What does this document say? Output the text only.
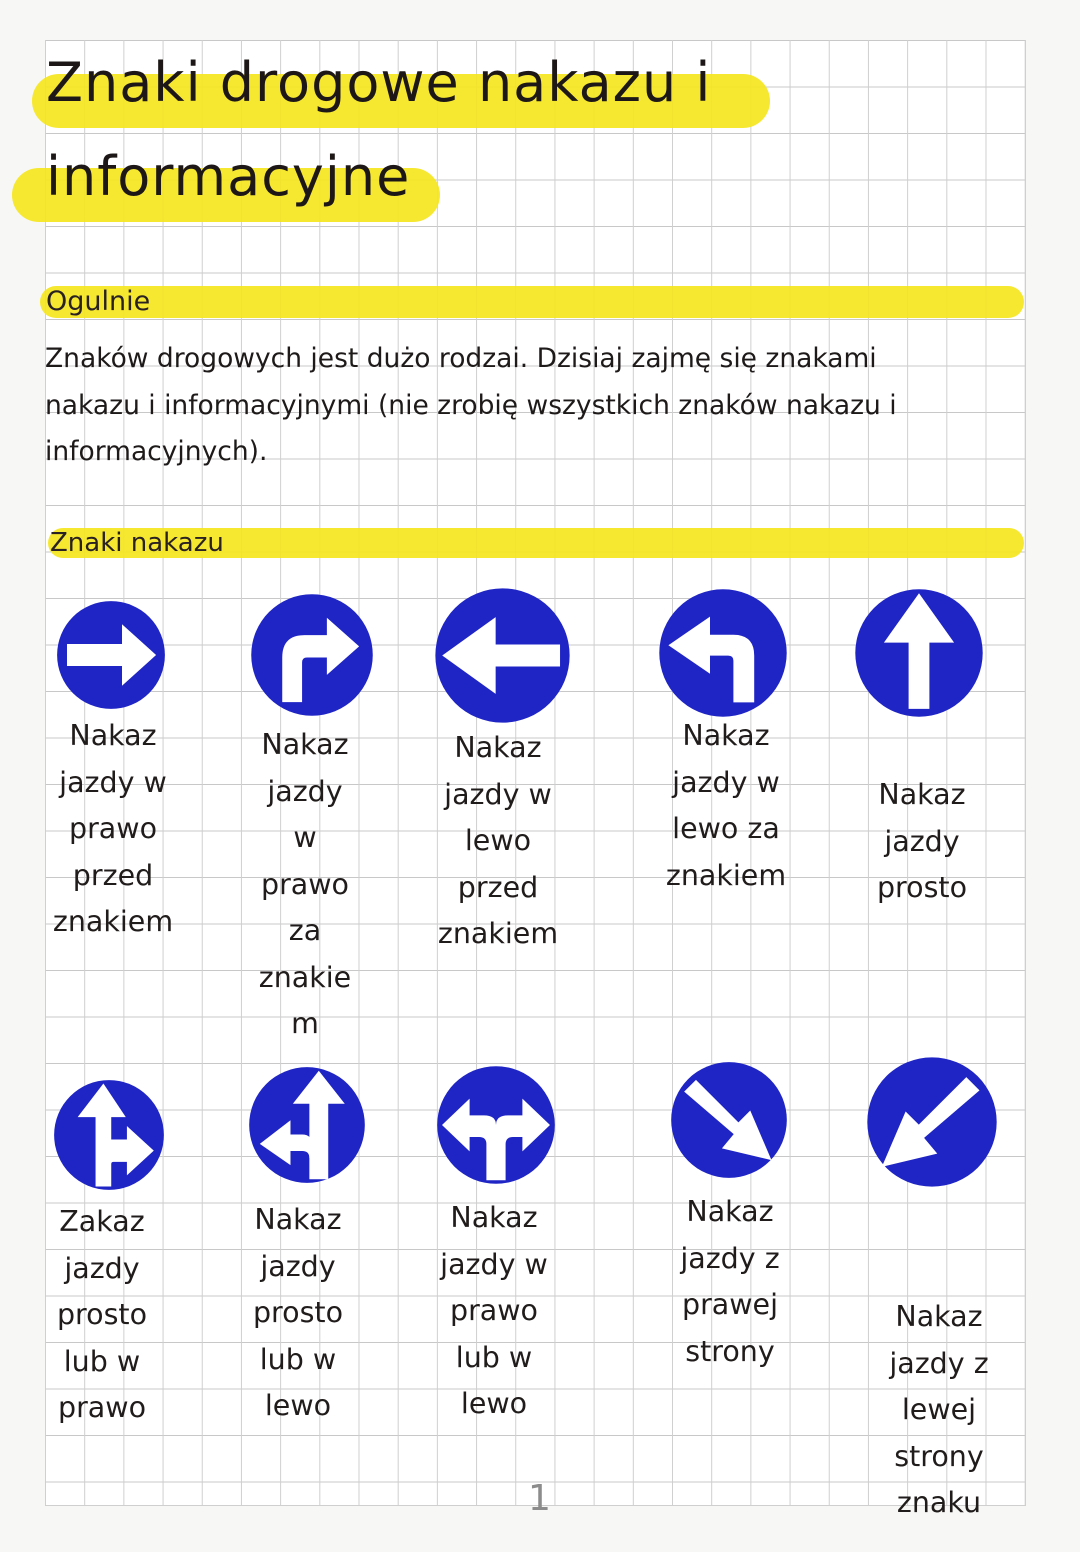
Znaki drogowe nakazu i
informacyjne
Ogulnie
Znaków drogowych jest dużo rodzai. Dzisiaj zajmę się znakami
nakazu i informacyjnymi (nie zrobię wszystkich znaków nakazu i
informacyjnych).
Znaki nakazu
Nakaz
jazdy w
prawo
przed
znakiem
Nakaz
jazdy
w
prawo
za
znakie
m
Nakaz
jazdy w
lewo
przed
znakiem
Nakaz
jazdy w
lewo za
znakiem
Nakaz
jazdy
prosto
Zakaz
jazdy
prosto
lub w
prawo
Nakaz
jazdy
prosto
lub w
lewo
Nakaz
jazdy w
prawo
lub w
lewo
Nakaz
jazdy z
prawej
strony
Nakaz
jazdy z
lewej
strony
znaku
1
